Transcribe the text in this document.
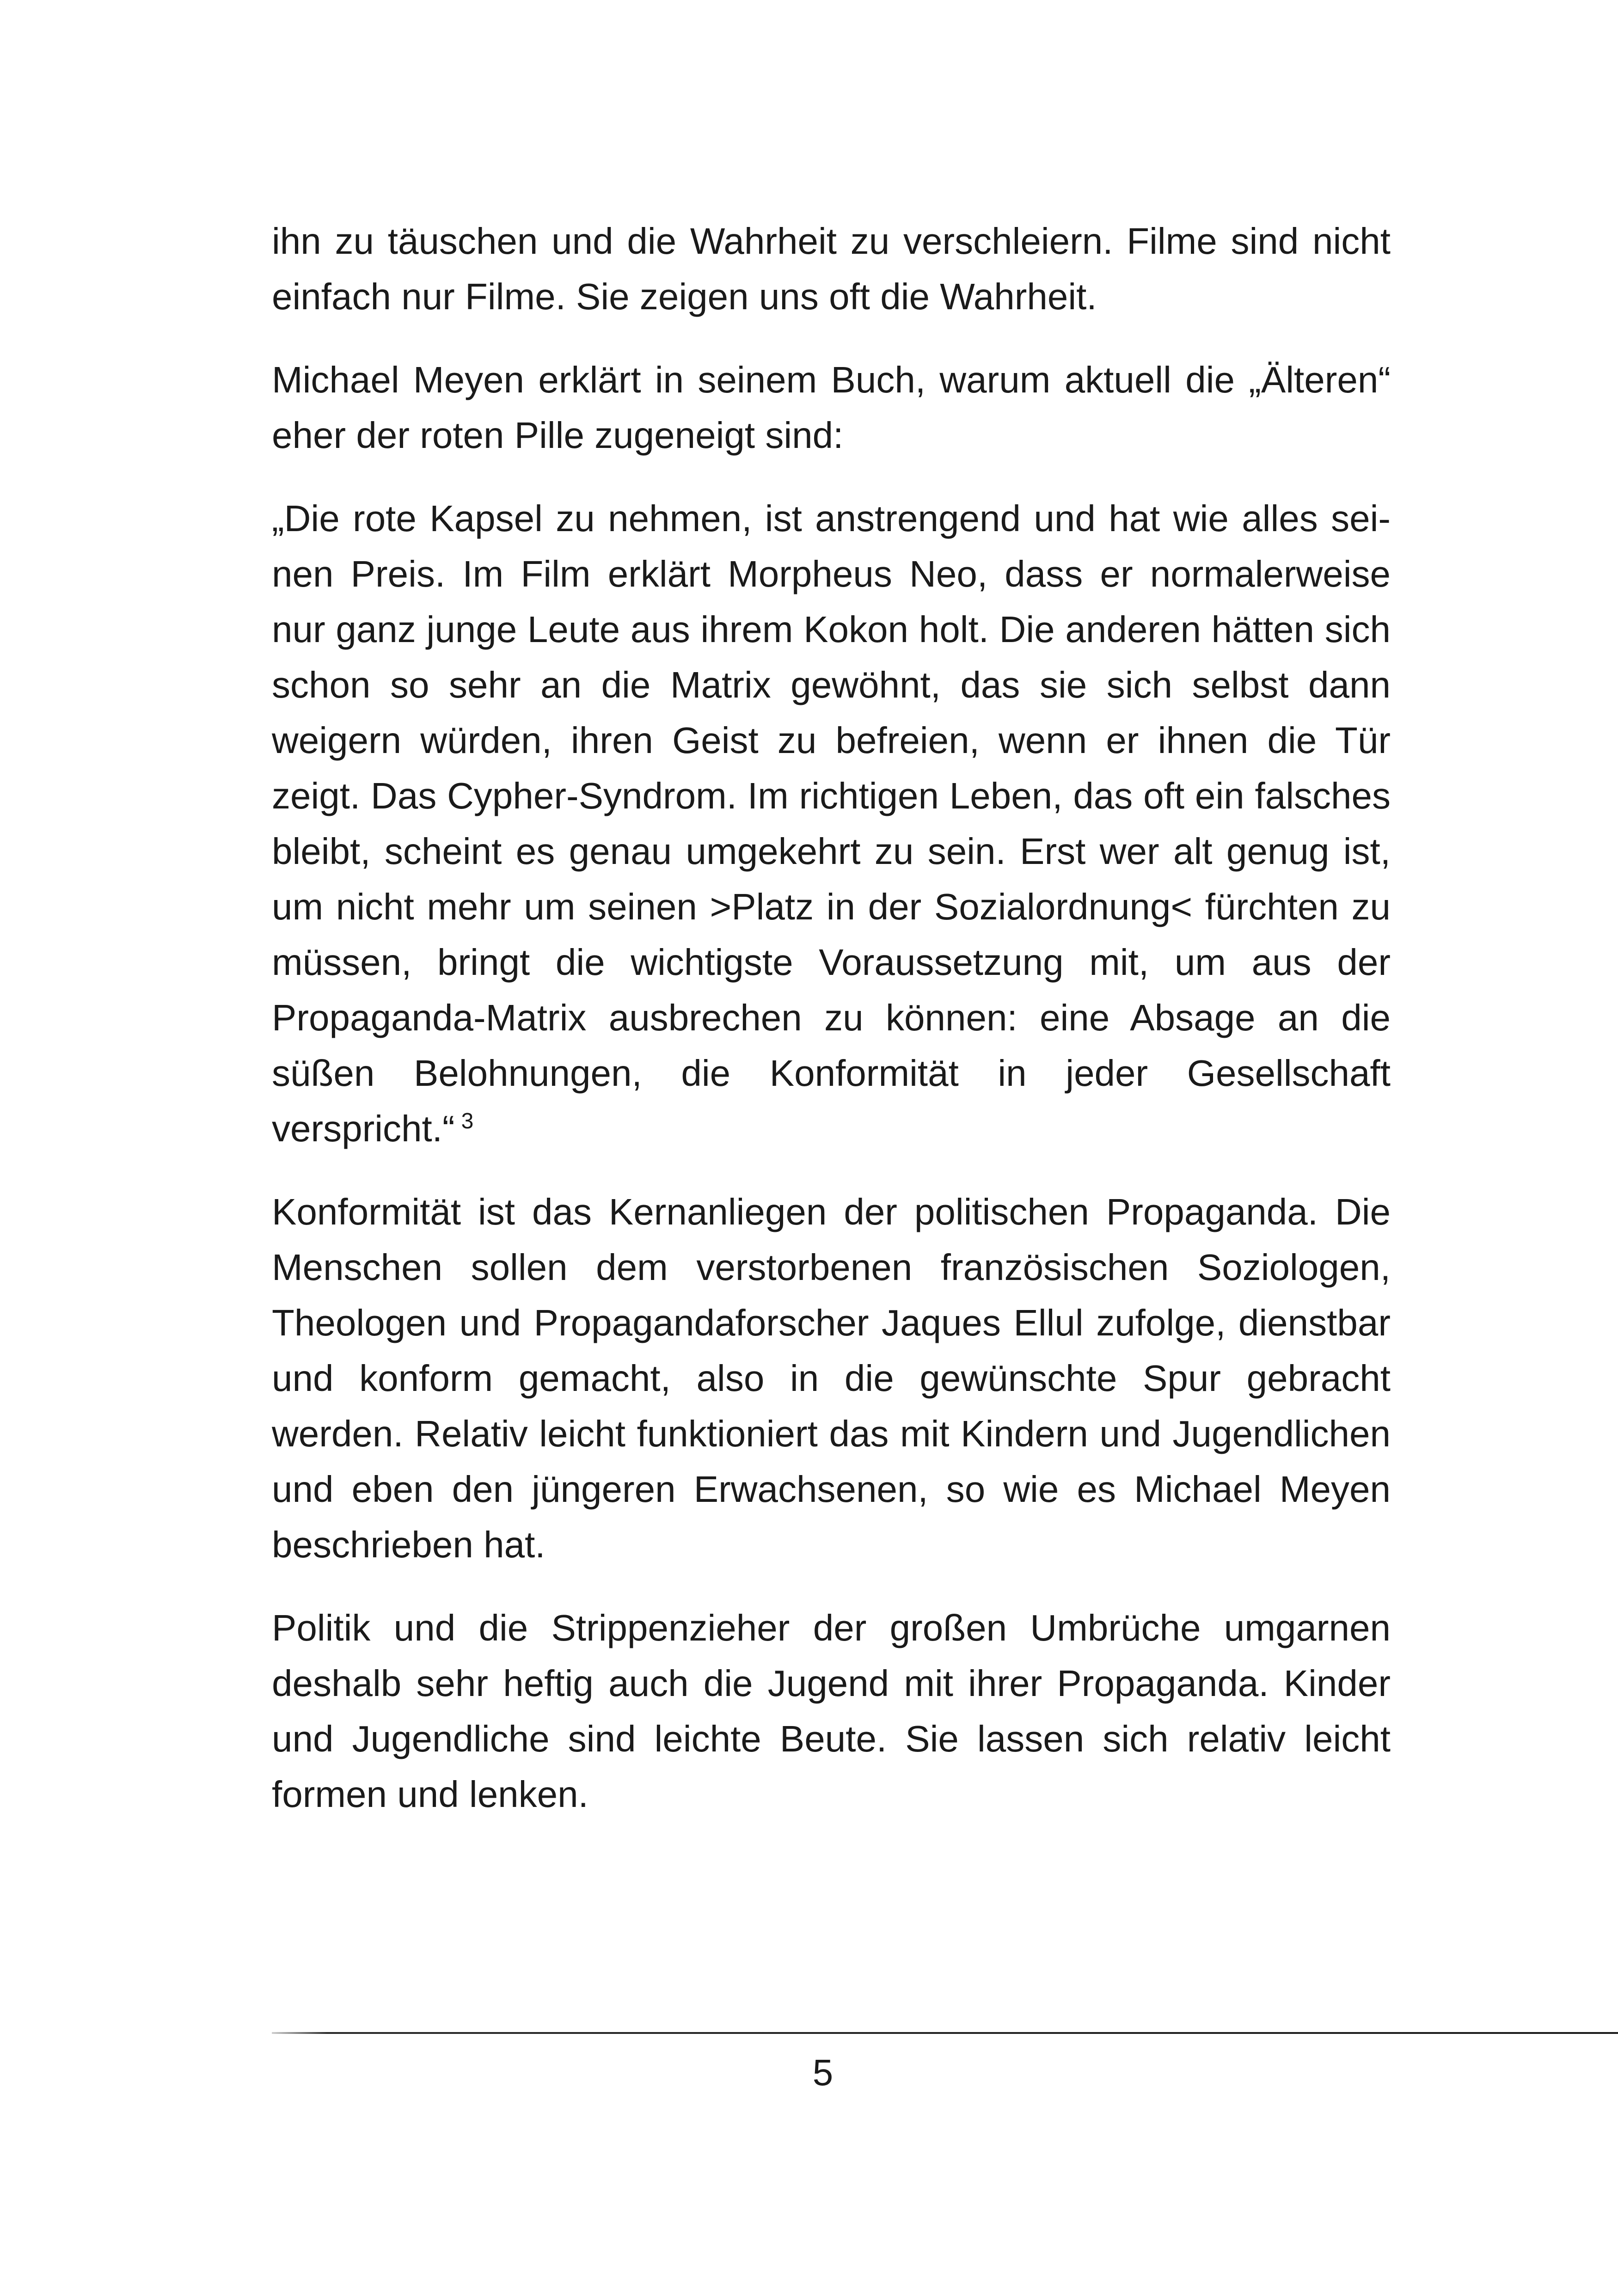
ihn zu täuschen und die Wahrheit zu verschleiern. Filme sind nicht einfach nur Filme. Sie zeigen uns oft die Wahrheit.

Michael Meyen erklärt in seinem Buch, warum aktuell die „Älteren“ eher der roten Pille zugeneigt sind:

„Die rote Kapsel zu nehmen, ist anstrengend und hat wie alles seinen Preis. Im Film erklärt Morpheus Neo, dass er normalerweise nur ganz junge Leute aus ihrem Kokon holt. Die anderen hätten sich schon so sehr an die Matrix gewöhnt, das sie sich selbst dann weigern würden, ihren Geist zu befreien, wenn er ihnen die Tür zeigt. Das Cypher-Syndrom. Im richtigen Leben, das oft ein falsches bleibt, scheint es genau umgekehrt zu sein. Erst wer alt genug ist, um nicht mehr um seinen >Platz in der Sozialordnung< fürchten zu müssen, bringt die wichtigste Voraussetzung mit, um aus der Propaganda-Matrix ausbrechen zu können: eine Absage an die süßen Belohnungen, die Konformität in jeder Gesellschaft verspricht.“ $^3$

Konformität ist das Kernanliegen der politischen Propaganda. Die Menschen sollen dem verstorbenen französischen Soziologen, Theologen und Propagandaforscher Jaques Ellul zufolge, dienstbar und konform gemacht, also in die gewünschte Spur gebracht werden. Relativ leicht funktioniert das mit Kindern und Jugendlichen und eben den jüngeren Erwachsenen, so wie es Michael Meyen beschrieben hat.

Politik und die Strippenzieher der großen Umbrüche umgarnen deshalb sehr heftig auch die Jugend mit ihrer Propaganda. Kinder und Jugendliche sind leichte Beute. Sie lassen sich relativ leicht formen und lenken.

5
